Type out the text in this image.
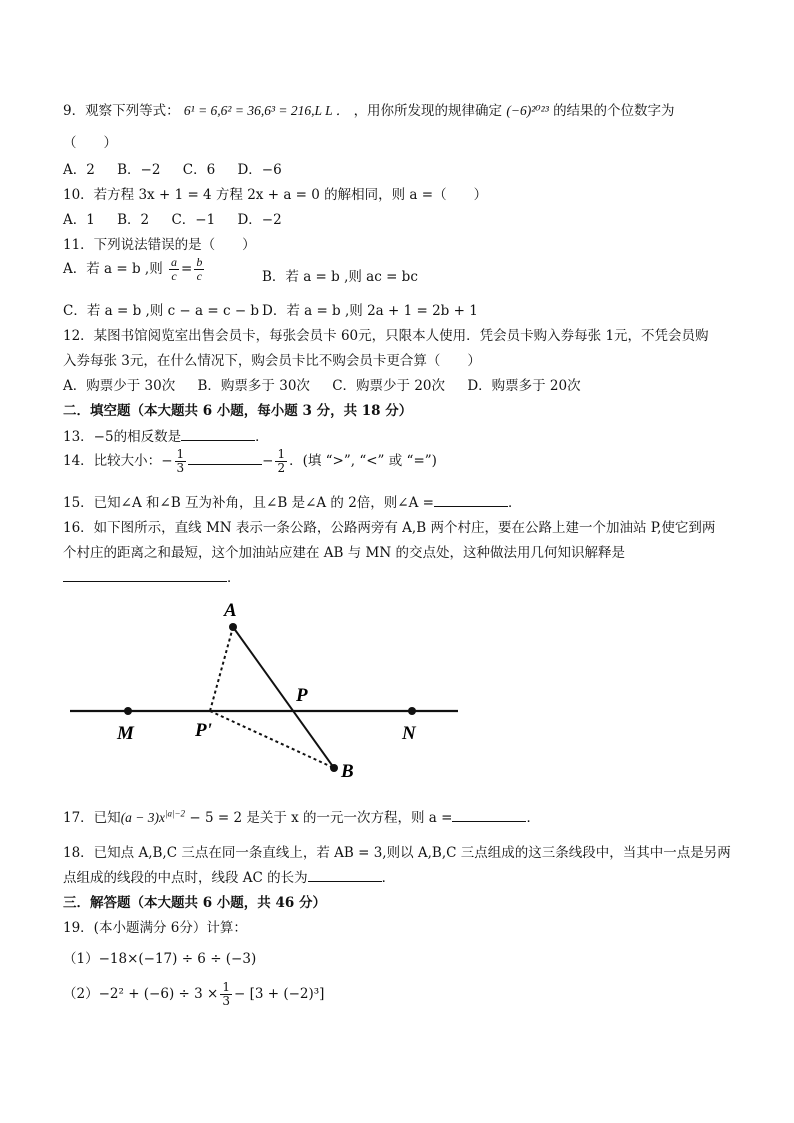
9．观察下列等式： 6¹ = 6,6² = 36,6³ = 216,L L ． ，用你所发现的规律确定 (−6)²⁰²³ 的结果的个位数字为
（　　）
A．2 B．−2 C．6 D．−6
10．若方程 3x + 1 = 4 方程 2x + a = 0 的解相同，则 a =（　　）
A．1 B．2 C．−1 D．−2
11．下列说法错误的是（　　）
A．若 a = b ,则 $\frac{a}{c} = \frac{b}{c}$	B．若 a = b ,则 ac = bc
C．若 a = b ,则 c − a = c − b D．若 a = b ,则 2a + 1 = 2b + 1
12．某图书馆阅览室出售会员卡，每张会员卡 60元，只限本人使用．凭会员卡购入券每张 1元，不凭会员购
入券每张 3元，在什么情况下，购会员卡比不购会员卡更合算（　　）
A．购票少于 30次 B．购票多于 30次 C．购票少于 20次 D．购票多于 20次
二．填空题（本大题共 6 小题，每小题 3 分，共 18 分）
13．−5的相反数是	．
14．比较大小：− $\frac{1}{3}$	− $\frac{1}{2}$ ．(填 “>”, “<” 或 “=”)
15．已知∠A 和∠B 互为补角，且∠B 是∠A 的 2倍，则∠A =	．
16．如下图所示，直线 MN 表示一条公路，公路两旁有 A,B 两个村庄，要在公路上建一个加油站 P,使它到两
个村庄的距离之和最短，这个加油站应建在 AB 与 MN 的交点处，这种做法用几何知识解释是
．
A
P
M	P'	N
B
17．已知$(a - 3)x^{|a|-2} - 5 = 2$ 是关于 x 的一元一次方程，则 a =	．
18．已知点 A,B,C 三点在同一条直线上，若 AB = 3,则以 A,B,C 三点组成的这三条线段中，当其中一点是另两
点组成的线段的中点时，线段 AC 的长为	．
三．解答题（本大题共 6 小题，共 46 分）
19．(本小题满分 6分）计算：
（1）−18×(−17) ÷ 6 ÷ (−3)
$(2)-2^2 + (-6) \div 3 \times \frac{1}{3} - [3 + (-2)^3]$
